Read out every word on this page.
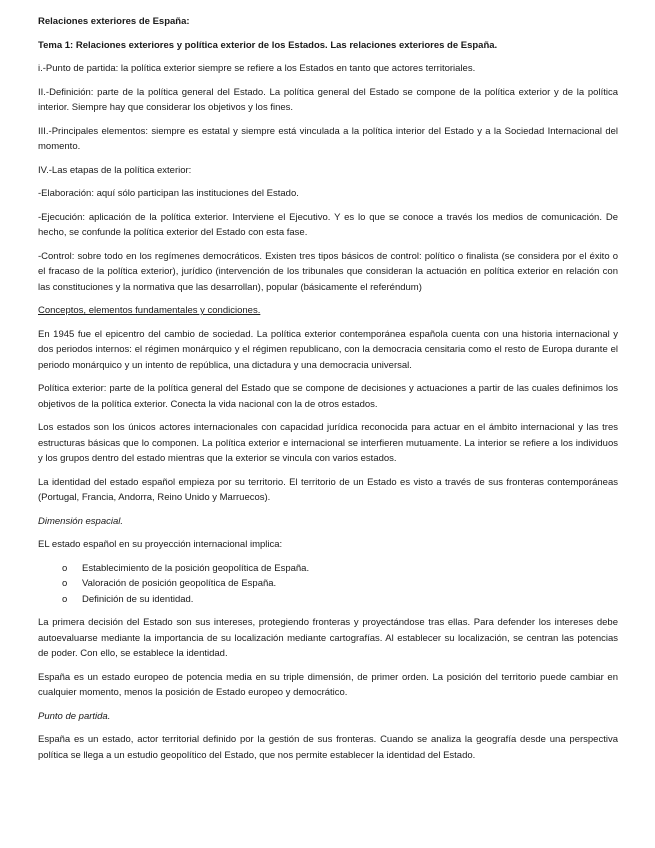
Relaciones exteriores de España:

Tema 1: Relaciones exteriores y política exterior de los Estados. Las relaciones exteriores de España.

i.-Punto de partida: la política exterior siempre se refiere a los Estados en tanto que actores territoriales.

II.-Definición: parte de la política general del Estado. La política general del Estado se compone de la política exterior y de la política interior. Siempre hay que considerar los objetivos y los fines.

III.-Principales elementos: siempre es estatal y siempre está vinculada a la política interior del Estado y a la Sociedad Internacional del momento.

IV.-Las etapas de la política exterior:

-Elaboración: aquí sólo participan las instituciones del Estado.

-Ejecución: aplicación de la política exterior. Interviene el Ejecutivo. Y es lo que se conoce a través los medios de comunicación. De hecho, se confunde la política exterior del Estado con esta fase.

-Control: sobre todo en los regímenes democráticos. Existen tres tipos básicos de control: político o finalista (se considera por el éxito o el fracaso de la política exterior), jurídico (intervención de los tribunales que consideran la actuación en política exterior en relación con las constituciones y la normativa que las desarrollan), popular (básicamente el referéndum)

Conceptos, elementos fundamentales y condiciones.

En 1945 fue el epicentro del cambio de sociedad. La política exterior contemporánea española cuenta con una historia internacional y dos periodos internos: el régimen monárquico y el régimen republicano, con la democracia censitaria como el resto de Europa durante el periodo monárquico y un intento de república, una dictadura y una democracia universal.

Política exterior: parte de la política general del Estado que se compone de decisiones y actuaciones a partir de las cuales definimos los objetivos de la política exterior. Conecta la vida nacional con la de otros estados.

Los estados son los únicos actores internacionales con capacidad jurídica reconocida para actuar en el ámbito internacional y las tres estructuras básicas que lo componen. La política exterior e internacional se interfieren mutuamente. La interior se refiere a los individuos y los grupos dentro del estado mientras que la exterior se vincula con varios estados.

La identidad del estado español empieza por su territorio. El territorio de un Estado es visto a través de sus fronteras contemporáneas (Portugal, Francia, Andorra, Reino Unido y Marruecos).

Dimensión espacial.

EL estado español en su proyección internacional implica:

o Establecimiento de la posición geopolítica de España.
o Valoración de posición geopolítica de España.
o Definición de su identidad.

La primera decisión del Estado son sus intereses, protegiendo fronteras y proyectándose tras ellas. Para defender los intereses debe autoevaluarse mediante la importancia de su localización mediante cartografías. Al establecer su localización, se centran las potencias de poder. Con ello, se establece la identidad.

España es un estado europeo de potencia media en su triple dimensión, de primer orden. La posición del territorio puede cambiar en cualquier momento, menos la posición de Estado europeo y democrático.

Punto de partida.

España es un estado, actor territorial definido por la gestión de sus fronteras. Cuando se analiza la geografía desde una perspectiva política se llega a un estudio geopolítico del Estado, que nos permite establecer la identidad del Estado.
